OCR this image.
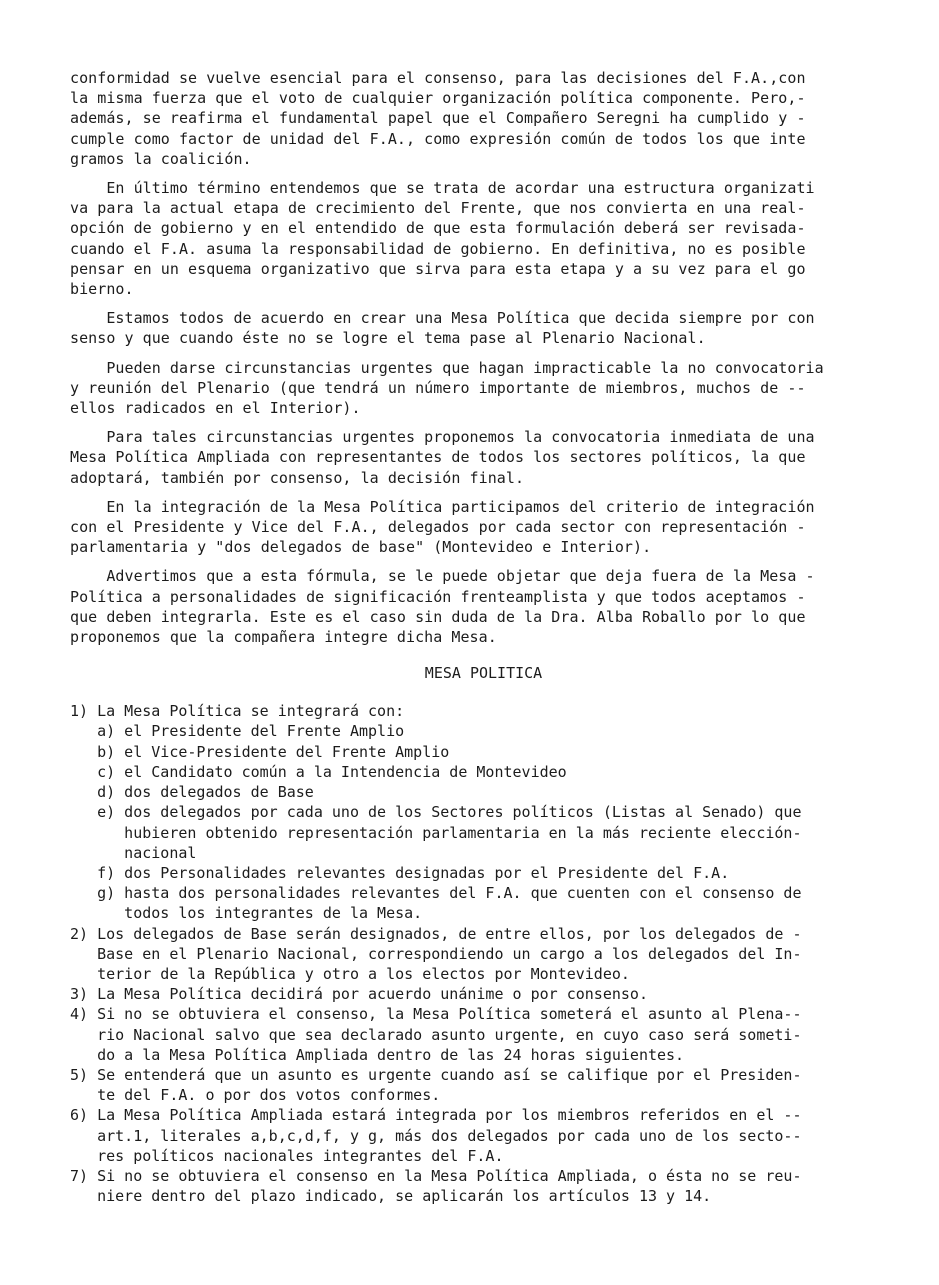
conformidad se vuelve esencial para el consenso, para las decisiones del F.A.,con
la misma fuerza que el voto de cualquier organización política componente. Pero,-
además, se reafirma el fundamental papel que el Compañero Seregni ha cumplido y -
cumple como factor de unidad del F.A., como expresión común de todos los que inte
gramos la coalición.

En último término entendemos que se trata de acordar una estructura organizati
va para la actual etapa de crecimiento del Frente, que nos convierta en una real-
opción de gobierno y en el entendido de que esta formulación deberá ser revisada-
cuando el F.A. asuma la responsabilidad de gobierno. En definitiva, no es posible
pensar en un esquema organizativo que sirva para esta etapa y a su vez para el go
bierno.

Estamos todos de acuerdo en crear una Mesa Política que decida siempre por con
senso y que cuando éste no se logre el tema pase al Plenario Nacional.

Pueden darse circunstancias urgentes que hagan impracticable la no convocatoria
y reunión del Plenario (que tendrá un número importante de miembros, muchos de --
ellos radicados en el Interior).

Para tales circunstancias urgentes proponemos la convocatoria inmediata de una
Mesa Política Ampliada con representantes de todos los sectores políticos, la que
adoptará, también por consenso, la decisión final.

En la integración de la Mesa Política participamos del criterio de integración
con el Presidente y Vice del F.A., delegados por cada sector con representación -
parlamentaria y "dos delegados de base" (Montevideo e Interior).

Advertimos que a esta fórmula, se le puede objetar que deja fuera de la Mesa -
Política a personalidades de significación frenteamplista y que todos aceptamos -
que deben integrarla. Este es el caso sin duda de la Dra. Alba Roballo por lo que
proponemos que la compañera integre dicha Mesa.

MESA POLITICA
1) La Mesa Política se integrará con:
a) el Presidente del Frente Amplio
b) el Vice-Presidente del Frente Amplio
c) el Candidato común a la Intendencia de Montevideo
d) dos delegados de Base
e) dos delegados por cada uno de los Sectores políticos (Listas al Senado) que
hubieren obtenido representación parlamentaria en la más reciente elección-
nacional
f) dos Personalidades relevantes designadas por el Presidente del F.A.
g) hasta dos personalidades relevantes del F.A. que cuenten con el consenso de
todos los integrantes de la Mesa.
2) Los delegados de Base serán designados, de entre ellos, por los delegados de -
Base en el Plenario Nacional, correspondiendo un cargo a los delegados del In-
terior de la República y otro a los electos por Montevideo.
3) La Mesa Política decidirá por acuerdo unánime o por consenso.
4) Si no se obtuviera el consenso, la Mesa Política someterá el asunto al Plena--
rio Nacional salvo que sea declarado asunto urgente, en cuyo caso será someti-
do a la Mesa Política Ampliada dentro de las 24 horas siguientes.
5) Se entenderá que un asunto es urgente cuando así se califique por el Presiden-
te del F.A. o por dos votos conformes.
6) La Mesa Política Ampliada estará integrada por los miembros referidos en el --
art.1, literales a,b,c,d,f, y g, más dos delegados por cada uno de los secto--
res políticos nacionales integrantes del F.A.
7) Si no se obtuviera el consenso en la Mesa Política Ampliada, o ésta no se reu-
niere dentro del plazo indicado, se aplicarán los artículos 13 y 14.
